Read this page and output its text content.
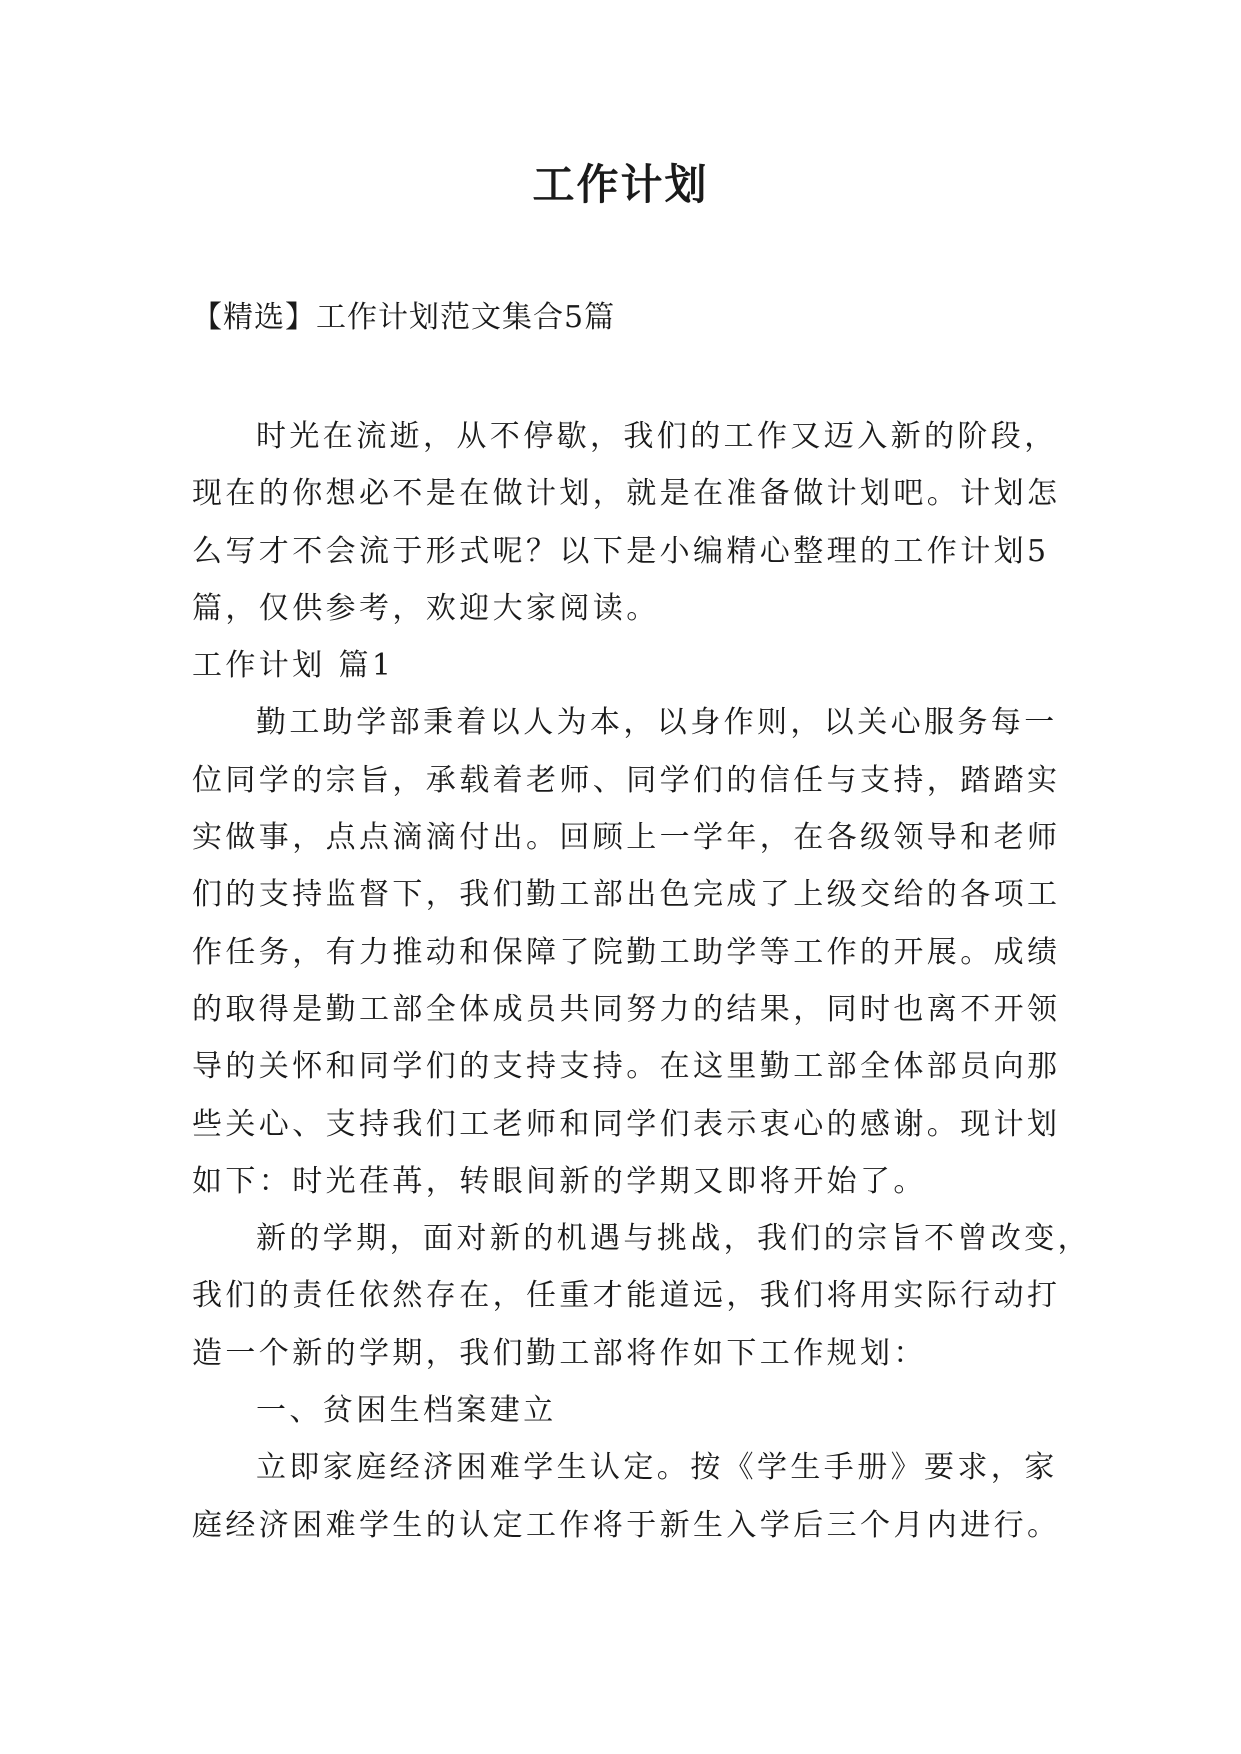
工作计划

【精选】工作计划范文集合5篇

时光在流逝，从不停歇，我们的工作又迈入新的阶段，

现在的你想必不是在做计划，就是在准备做计划吧。计划怎

么写才不会流于形式呢？以下是小编精心整理的工作计划5

篇，仅供参考，欢迎大家阅读。

工作计划 篇1

勤工助学部秉着以人为本，以身作则，以关心服务每一

位同学的宗旨，承载着老师、同学们的信任与支持，踏踏实

实做事，点点滴滴付出。回顾上一学年，在各级领导和老师

们的支持监督下，我们勤工部出色完成了上级交给的各项工

作任务，有力推动和保障了院勤工助学等工作的开展。成绩

的取得是勤工部全体成员共同努力的结果，同时也离不开领

导的关怀和同学们的支持支持。在这里勤工部全体部员向那

些关心、支持我们工老师和同学们表示衷心的感谢。现计划

如下：时光荏苒，转眼间新的学期又即将开始了。

新的学期，面对新的机遇与挑战，我们的宗旨不曾改变，

我们的责任依然存在，任重才能道远，我们将用实际行动打

造一个新的学期，我们勤工部将作如下工作规划：

一、贫困生档案建立

立即家庭经济困难学生认定。按《学生手册》要求，家

庭经济困难学生的认定工作将于新生入学后三个月内进行。
